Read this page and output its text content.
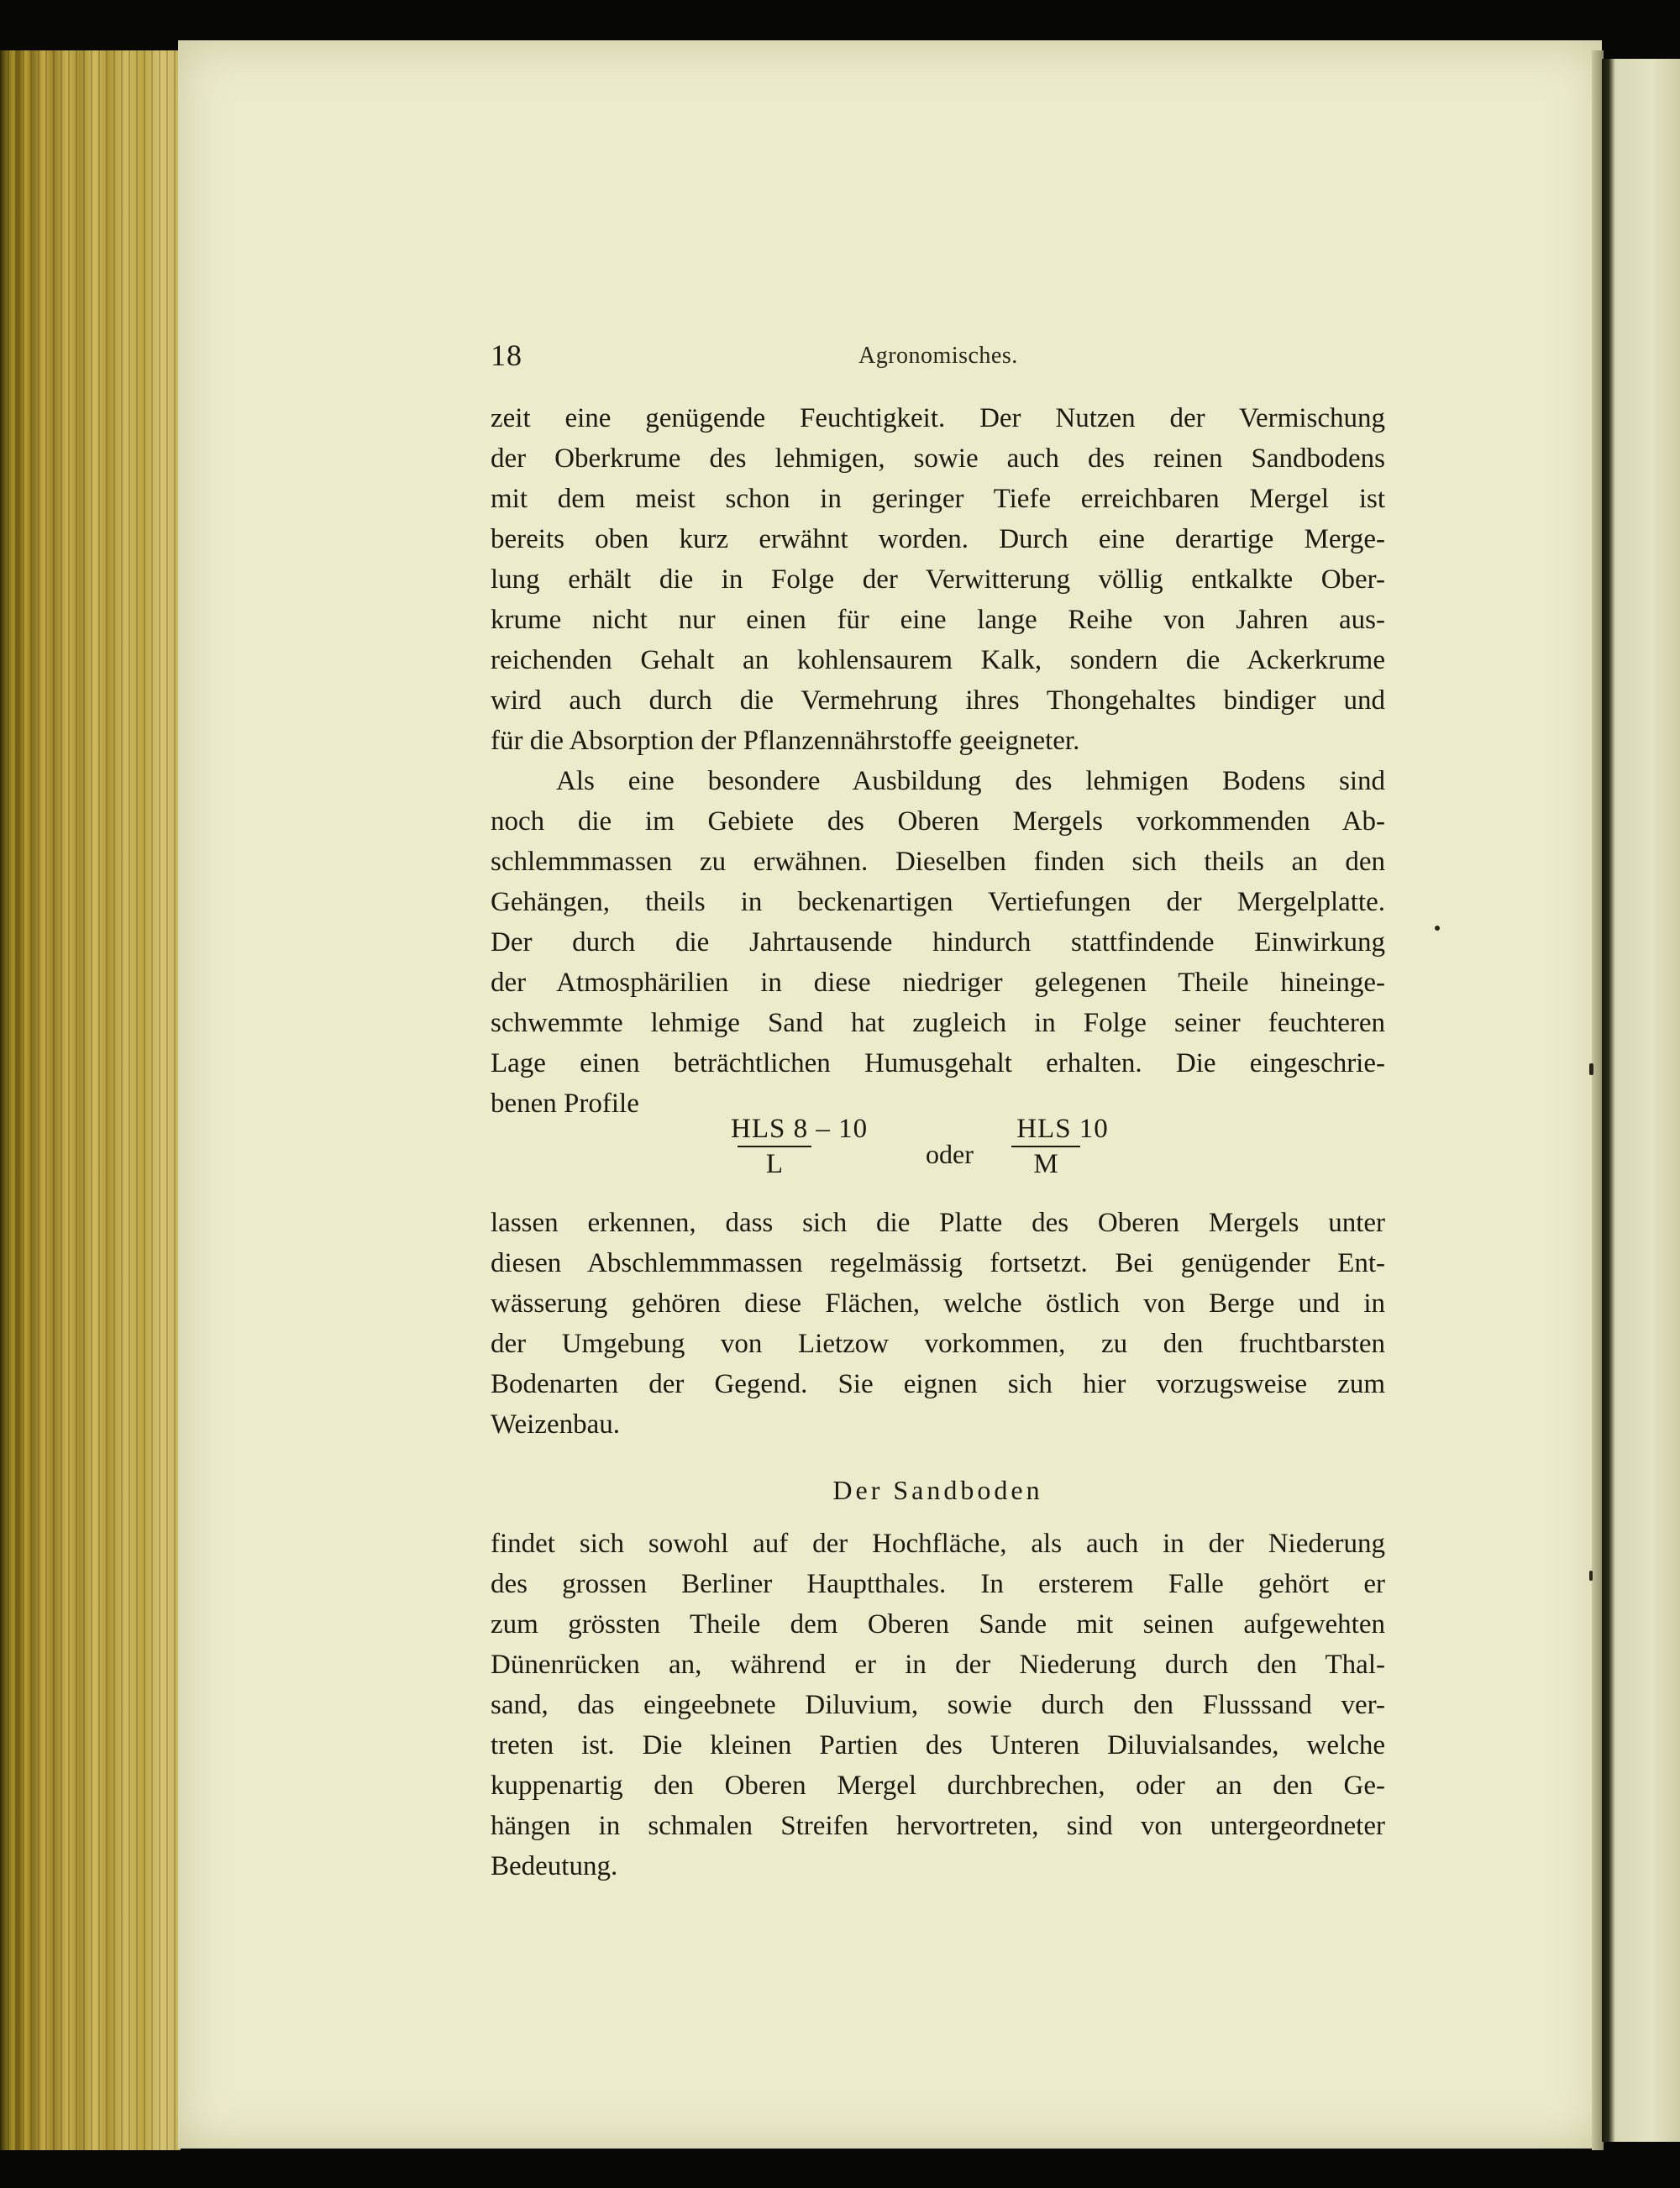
18	Agronomisches.
zeit eine genügende Feuchtigkeit. Der Nutzen der Vermischung
der Oberkrume des lehmigen, sowie auch des reinen Sandbodens
mit dem meist schon in geringer Tiefe erreichbaren Mergel ist
bereits oben kurz erwähnt worden. Durch eine derartige Merge-
lung erhält die in Folge der Verwitterung völlig entkalkte Ober-
krume nicht nur einen für eine lange Reihe von Jahren aus-
reichenden Gehalt an kohlensaurem Kalk, sondern die Ackerkrume
wird auch durch die Vermehrung ihres Thongehaltes bindiger und
für die Absorption der Pflanzennährstoffe geeigneter.
Als eine besondere Ausbildung des lehmigen Bodens sind
noch die im Gebiete des Oberen Mergels vorkommenden Ab-
schlemmmassen zu erwähnen. Dieselben finden sich theils an den
Gehängen, theils in beckenartigen Vertiefungen der Mergelplatte.
Der durch die Jahrtausende hindurch stattfindende Einwirkung
der Atmosphärilien in diese niedriger gelegenen Theile hineinge-
schwemmte lehmige Sand hat zugleich in Folge seiner feuchteren
Lage einen beträchtlichen Humusgehalt erhalten. Die eingeschrie-
benen Profile
HLS 8 – 10
L	oder
HLS 10
M
lassen erkennen, dass sich die Platte des Oberen Mergels unter
diesen Abschlemmmassen regelmässig fortsetzt. Bei genügender Ent-
wässerung gehören diese Flächen, welche östlich von Berge und in
der Umgebung von Lietzow vorkommen, zu den fruchtbarsten
Bodenarten der Gegend. Sie eignen sich hier vorzugsweise zum
Weizenbau.
Der Sandboden
findet sich sowohl auf der Hochfläche, als auch in der Niederung
des grossen Berliner Hauptthales. In ersterem Falle gehört er
zum grössten Theile dem Oberen Sande mit seinen aufgewehten
Dünenrücken an, während er in der Niederung durch den Thal-
sand, das eingeebnete Diluvium, sowie durch den Flusssand ver-
treten ist. Die kleinen Partien des Unteren Diluvialsandes, welche
kuppenartig den Oberen Mergel durchbrechen, oder an den Ge-
hängen in schmalen Streifen hervortreten, sind von untergeordneter
Bedeutung.
